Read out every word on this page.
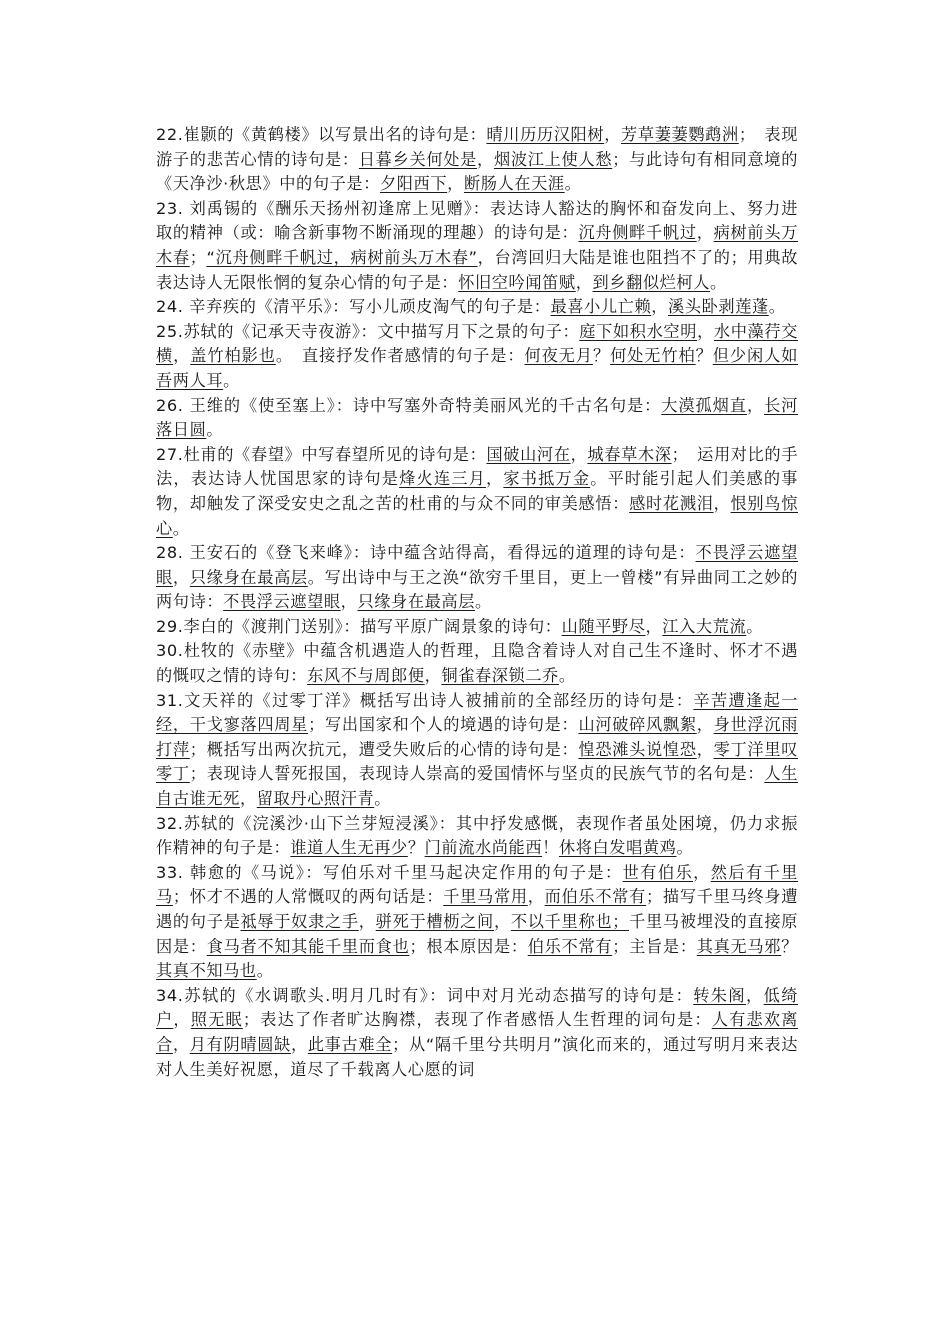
22.崔颢的《黄鹤楼》以写景出名的诗句是：晴川历历汉阳树，芳草萋萋鹦鹉洲；　表现游子的悲苦心情的诗句是：日暮乡关何处是，烟波江上使人愁；与此诗句有相同意境的《天净沙·秋思》中的句子是：夕阳西下，断肠人在天涯。

23. 刘禹锡的《酬乐天扬州初逢席上见赠》：表达诗人豁达的胸怀和奋发向上、努力进取的精神（或：喻含新事物不断涌现的理趣）的诗句是：沉舟侧畔千帆过，病树前头万木春；“沉舟侧畔千帆过，病树前头万木春”，台湾回归大陆是谁也阻挡不了的；用典故表达诗人无限怅惘的复杂心情的句子是：怀旧空吟闻笛赋，到乡翻似烂柯人。

24. 辛弃疾的《清平乐》：写小儿顽皮淘气的句子是：最喜小儿亡赖，溪头卧剥莲蓬。

25.苏轼的《记承天寺夜游》：文中描写月下之景的句子：庭下如积水空明，水中藻荇交横，盖竹柏影也。　直接抒发作者感情的句子是：何夜无月？何处无竹柏？但少闲人如吾两人耳。

26. 王维的《使至塞上》：诗中写塞外奇特美丽风光的千古名句是：大漠孤烟直，长河落日圆。

27.杜甫的《春望》中写春望所见的诗句是：国破山河在，城春草木深；　运用对比的手法，表达诗人忧国思家的诗句是烽火连三月，家书抵万金。平时能引起人们美感的事物，却触发了深受安史之乱之苦的杜甫的与众不同的审美感悟：感时花溅泪，恨别鸟惊心。

28. 王安石的《登飞来峰》：诗中蕴含站得高，看得远的道理的诗句是：不畏浮云遮望眼，只缘身在最高层。写出诗中与王之涣“欲穷千里目，更上一曾楼”有异曲同工之妙的两句诗：不畏浮云遮望眼，只缘身在最高层。

29.李白的《渡荆门送别》：描写平原广阔景象的诗句：山随平野尽，江入大荒流。

30.杜牧的《赤壁》中蕴含机遇造人的哲理，且隐含着诗人对自己生不逢时、怀才不遇的慨叹之情的诗句：东风不与周郎便，铜雀春深锁二乔。

31.文天祥的《过零丁洋》概括写出诗人被捕前的全部经历的诗句是：辛苦遭逢起一经，干戈寥落四周星；写出国家和个人的境遇的诗句是：山河破碎风飘絮，身世浮沉雨打萍；概括写出两次抗元，遭受失败后的心情的诗句是：惶恐滩头说惶恐，零丁洋里叹零丁；表现诗人誓死报国，表现诗人崇高的爱国情怀与坚贞的民族气节的名句是：人生自古谁无死，留取丹心照汗青。

32.苏轼的《浣溪沙·山下兰芽短浸溪》：其中抒发感慨，表现作者虽处困境，仍力求振作精神的句子是：谁道人生无再少？门前流水尚能西！休将白发唱黄鸡。

33. 韩愈的《马说》：写伯乐对千里马起决定作用的句子是：世有伯乐，然后有千里马；怀才不遇的人常慨叹的两句话是：千里马常用，而伯乐不常有；描写千里马终身遭遇的句子是祗辱于奴隶之手，骈死于槽枥之间，不以千里称也；千里马被埋没的直接原因是：食马者不知其能千里而食也；根本原因是：伯乐不常有；主旨是：其真无马邪？其真不知马也。

34.苏轼的《水调歌头.明月几时有》：词中对月光动态描写的诗句是：转朱阁，低绮户，照无眠；表达了作者旷达胸襟，表现了作者感悟人生哲理的词句是：人有悲欢离合，月有阴晴圆缺，此事古难全；从“隔千里兮共明月”演化而来的，通过写明月来表达对人生美好祝愿，道尽了千载离人心愿的词
